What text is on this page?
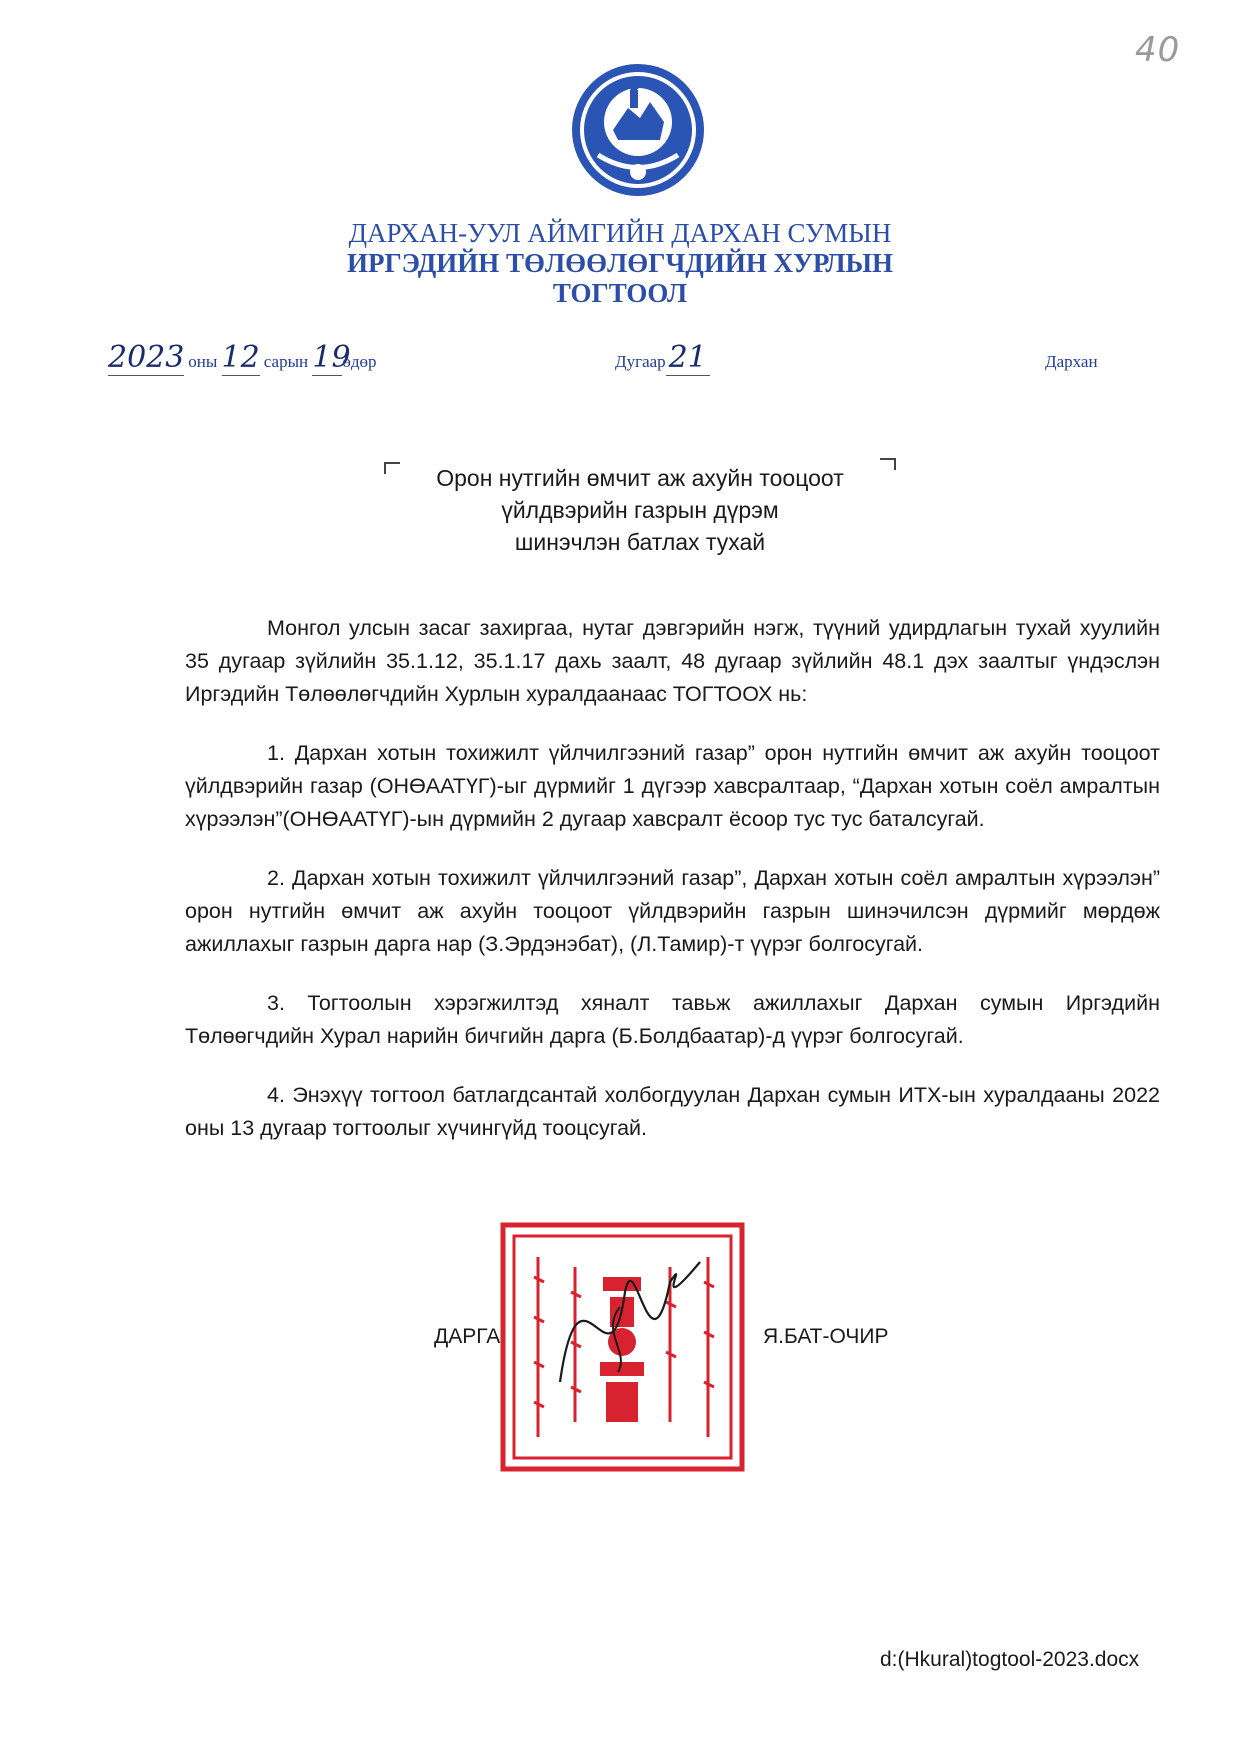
40
ДАРХАН-УУЛ АЙМГИЙН ДАРХАН СУМЫН
ИРГЭДИЙН ТӨЛӨӨЛӨГЧДИЙН ХУРЛЫН
ТОГТООЛ
2023 оны 12 сарын 19өдөр	Дугаар21	Дархан
Орон нутгийн өмчит аж ахуйн тооцоот
үйлдвэрийн газрын дүрэм
шинэчлэн батлах тухай

Монгол улсын засаг захиргаа, нутаг дэвгэрийн нэгж, түүний удирдлагын тухай хуулийн 35 дугаар зүйлийн 35.1.12, 35.1.17 дахь заалт, 48 дугаар зүйлийн 48.1 дэх заалтыг үндэслэн Иргэдийн Төлөөлөгчдийн Хурлын хуралдаанаас ТОГТООХ нь:

1. Дархан хотын тохижилт үйлчилгээний газар” орон нутгийн өмчит аж ахуйн тооцоот үйлдвэрийн газар (ОНӨААТҮГ)-ыг дүрмийг 1 дүгээр хавсралтаар, “Дархан хотын соёл амралтын хүрээлэн”(ОНӨААТҮГ)-ын дүрмийн 2 дугаар хавсралт ёсоор тус тус баталсугай.

2. Дархан хотын тохижилт үйлчилгээний газар”, Дархан хотын соёл амралтын хүрээлэн” орон нутгийн өмчит аж ахуйн тооцоот үйлдвэрийн газрын шинэчилсэн дүрмийг мөрдөж ажиллахыг газрын дарга нар (З.Эрдэнэбат), (Л.Тамир)-т үүрэг болгосугай.

3. Тогтоолын хэрэгжилтэд хяналт тавьж ажиллахыг Дархан сумын Иргэдийн Төлөөгчдийн Хурал нарийн бичгийн дарга (Б.Болдбаатар)-д үүрэг болгосугай.

4. Энэхүү тогтоол батлагдсантай холбогдуулан Дархан сумын ИТХ-ын хуралдааны 2022 оны 13 дугаар тогтоолыг хүчингүйд тооцсугай.

ДАРГА	Я.БАТ-ОЧИР
d:(Hkural)togtool-2023.docx
